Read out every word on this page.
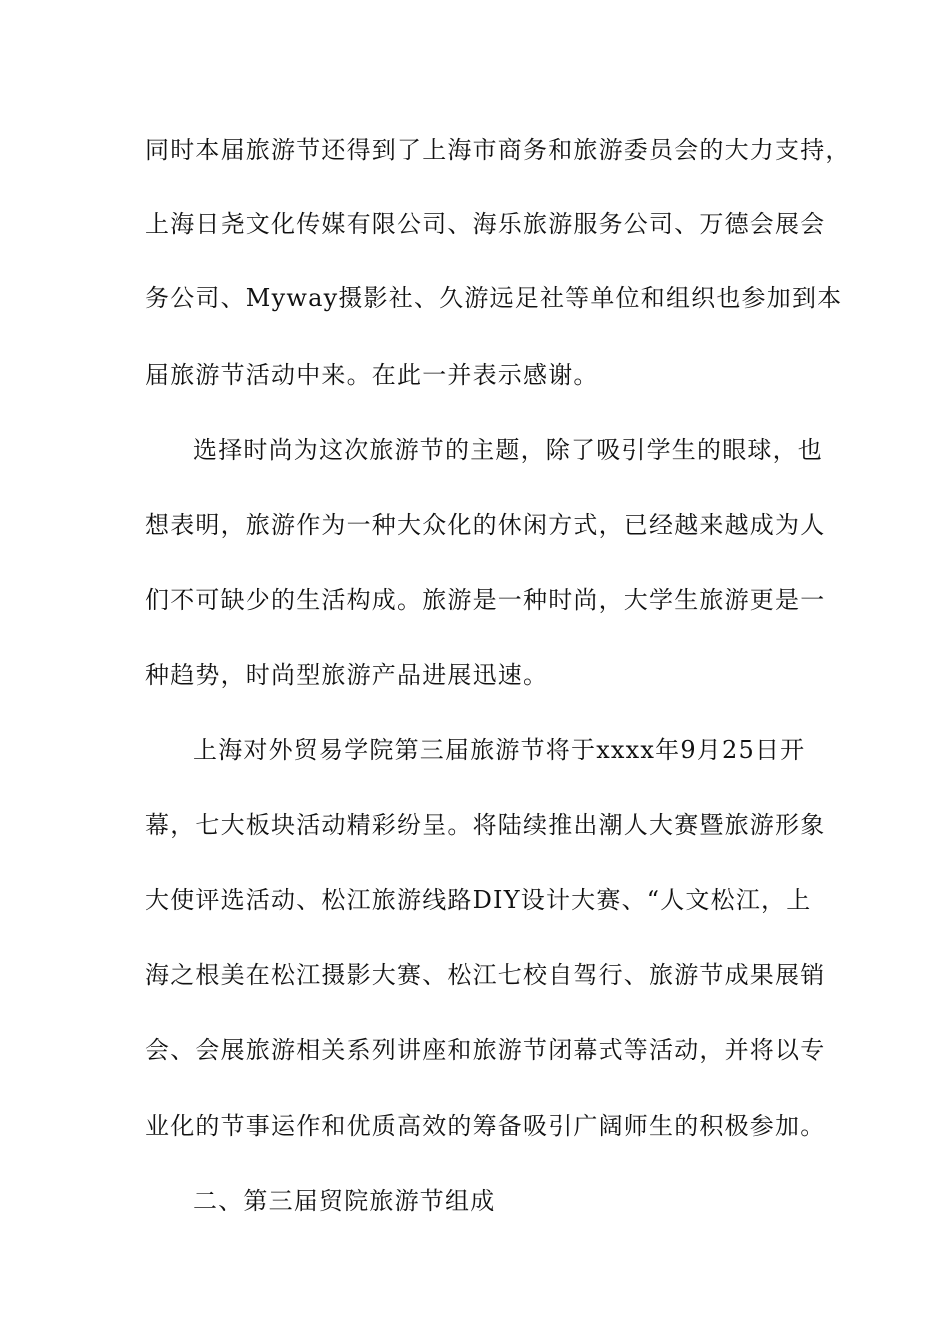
同时本届旅游节还得到了上海市商务和旅游委员会的大力支持，
上海日尧文化传媒有限公司、海乐旅游服务公司、万德会展会
务公司、Myway摄影社、久游远足社等单位和组织也参加到本
届旅游节活动中来。在此一并表示感谢。
选择时尚为这次旅游节的主题，除了吸引学生的眼球，也
想表明，旅游作为一种大众化的休闲方式，已经越来越成为人
们不可缺少的生活构成。旅游是一种时尚，大学生旅游更是一
种趋势，时尚型旅游产品进展迅速。
上海对外贸易学院第三届旅游节将于xxxx年9月25日开
幕，七大板块活动精彩纷呈。将陆续推出潮人大赛暨旅游形象
大使评选活动、松江旅游线路DIY设计大赛、“人文松江，上
海之根美在松江摄影大赛、松江七校自驾行、旅游节成果展销
会、会展旅游相关系列讲座和旅游节闭幕式等活动，并将以专
业化的节事运作和优质高效的筹备吸引广阔师生的积极参加。
二、第三届贸院旅游节组成
